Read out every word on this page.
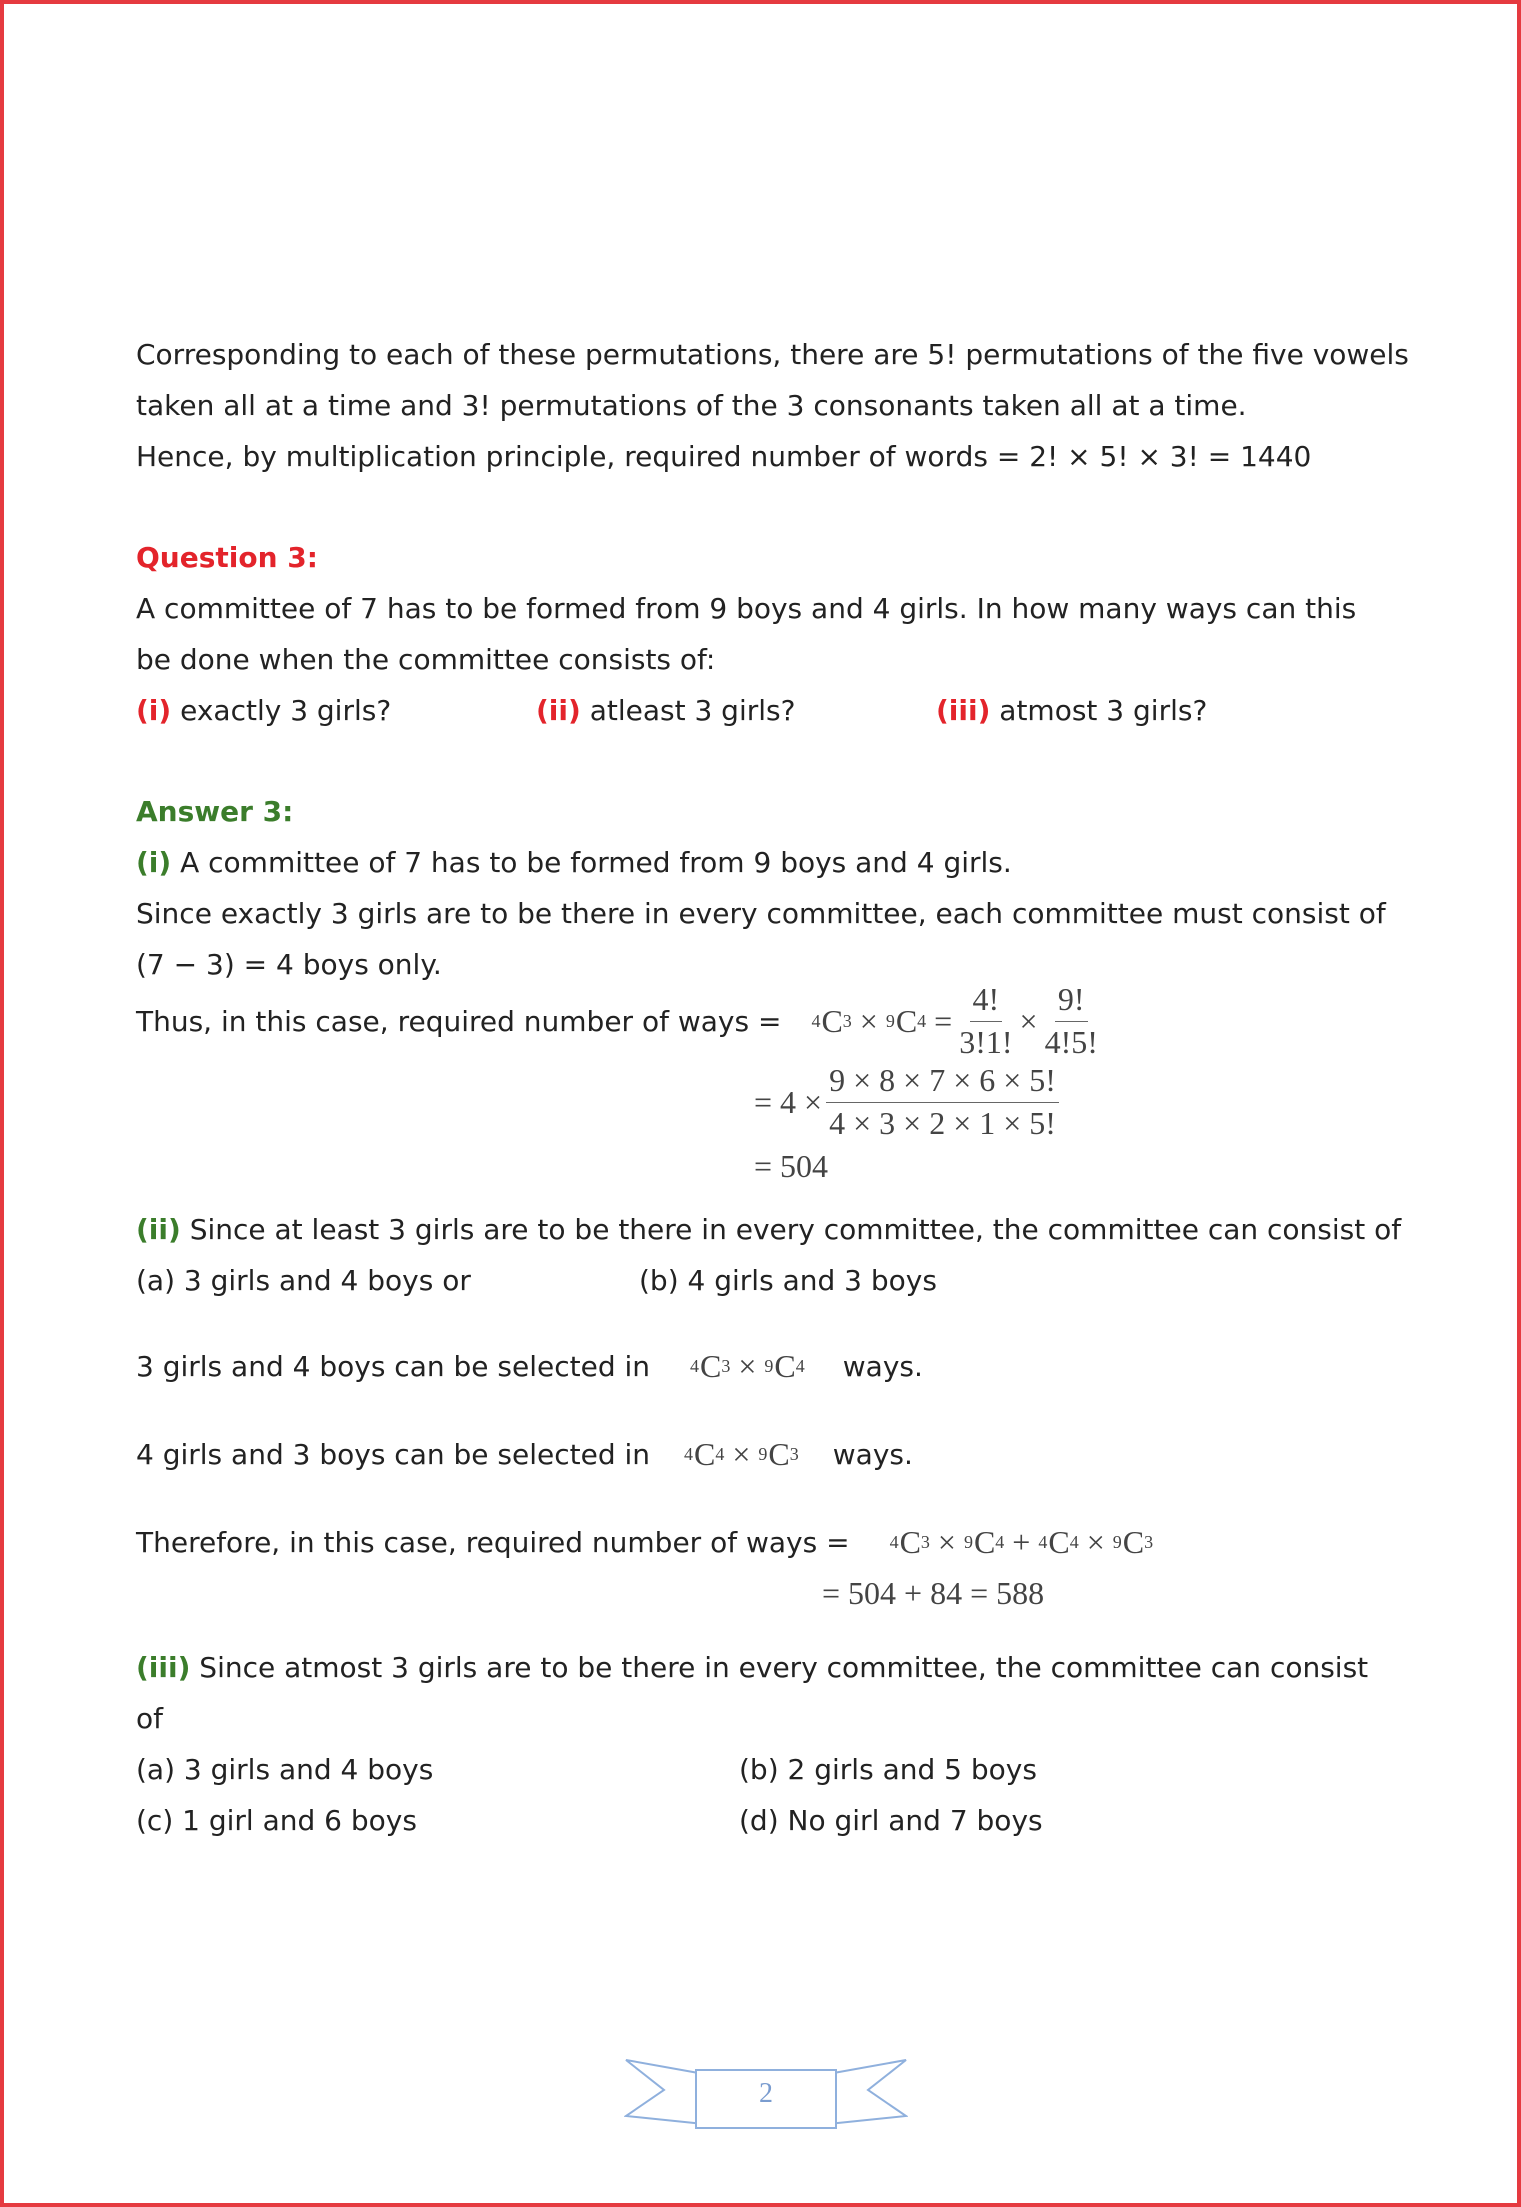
Corresponding to each of these permutations, there are 5! permutations of the five vowels

taken all at a time and 3! permutations of the 3 consonants taken all at a time.

Hence, by multiplication principle, required number of words = 2! × 5! × 3! = 1440

Question 3:

A committee of 7 has to be formed from 9 boys and 4 girls. In how many ways can this

be done when the committee consists of:

(i) exactly 3 girls?	(ii) atleast 3 girls?	(iii) atmost 3 girls?

Answer 3:

(i) A committee of 7 has to be formed from 9 boys and 4 girls.

Since exactly 3 girls are to be there in every committee, each committee must consist of

(7 − 3) = 4 boys only.

Thus, in this case, required number of ways = 4 C 3 × 9 C $4 = \frac{4!}{3!1!} \times \frac{9!}{4!5!}$
= $4 \times \frac{9 \times 8 \times 7 \times 6 \times 5!}{4 \times 3 \times 2 \times 1 \times 5!}$
= 504

(ii) Since at least 3 girls are to be there in every committee, the committee can consist of

(a) 3 girls and 4 boys or	(b) 4 girls and 3 boys
3 girls and 4 boys can be selected in 4 C 3 × 9 C 4 ways.
4 girls and 3 boys can be selected in 4 C 4 × 9 C 3 ways.
Therefore, in this case, required number of ways = 4 C 3 × 9 C 4 + 4 C 4 × 9 C 3
= 504 + 84 = 588

(iii) Since atmost 3 girls are to be there in every committee, the committee can consist

of

(a) 3 girls and 4 boys	(b) 2 girls and 5 boys
(c) 1 girl and 6 boys	(d) No girl and 7 boys
2
